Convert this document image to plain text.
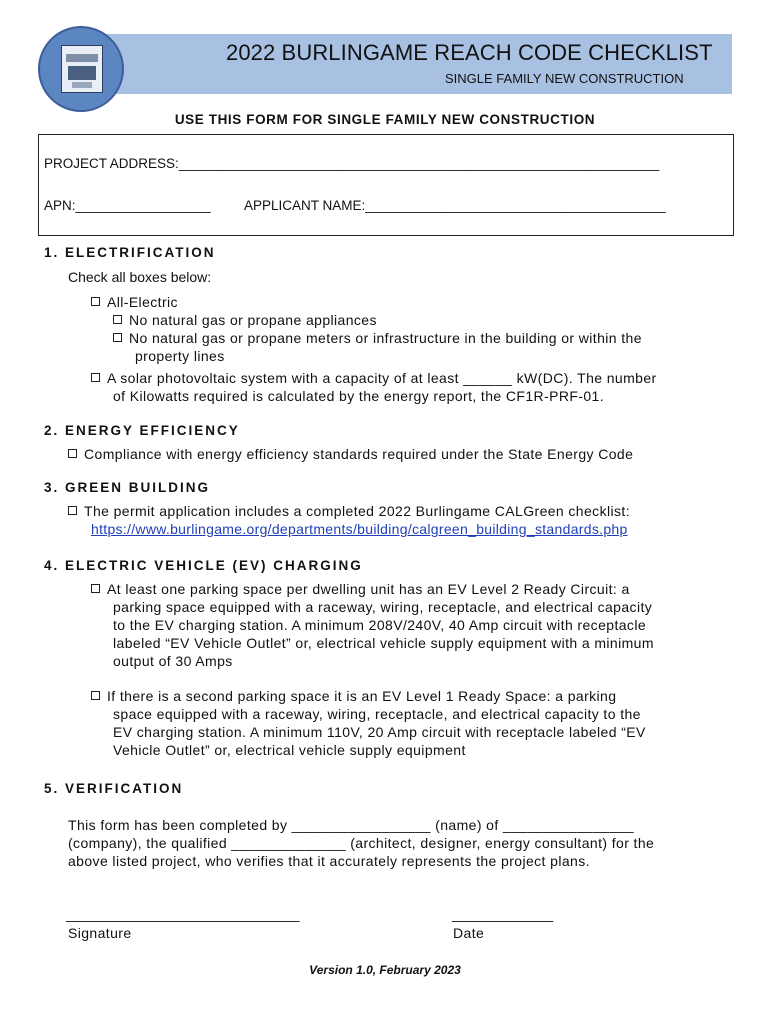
2022 BURLINGAME REACH CODE CHECKLIST
SINGLE FAMILY NEW CONSTRUCTION
USE THIS FORM FOR SINGLE FAMILY NEW CONSTRUCTION
PROJECT ADDRESS:________________________________________________________________
APN:__________________ APPLICANT NAME:________________________________________
1. ELECTRIFICATION
Check all boxes below:
All-Electric
No natural gas or propane appliances
No natural gas or propane meters or infrastructure in the building or within the
property lines
A solar photovoltaic system with a capacity of at least ______ kW(DC). The number
of Kilowatts required is calculated by the energy report, the CF1R-PRF-01.
2. ENERGY EFFICIENCY
Compliance with energy efficiency standards required under the State Energy Code
3. GREEN BUILDING
The permit application includes a completed 2022 Burlingame CALGreen checklist:
https://www.burlingame.org/departments/building/calgreen_building_standards.php
4. ELECTRIC VEHICLE (EV) CHARGING
At least one parking space per dwelling unit has an EV Level 2 Ready Circuit: a
parking space equipped with a raceway, wiring, receptacle, and electrical capacity
to the EV charging station. A minimum 208V/240V, 40 Amp circuit with receptacle
labeled “EV Vehicle Outlet” or, electrical vehicle supply equipment with a minimum
output of 30 Amps
If there is a second parking space it is an EV Level 1 Ready Space: a parking
space equipped with a raceway, wiring, receptacle, and electrical capacity to the
EV charging station. A minimum 110V, 20 Amp circuit with receptacle labeled “EV
Vehicle Outlet” or, electrical vehicle supply equipment
5. VERIFICATION
This form has been completed by _________________ (name) of ________________
(company), the qualified ______________ (architect, designer, energy consultant) for the
above listed project, who verifies that it accurately represents the project plans.
______________________________
Signature
_____________
Date
Version 1.0, February 2023
